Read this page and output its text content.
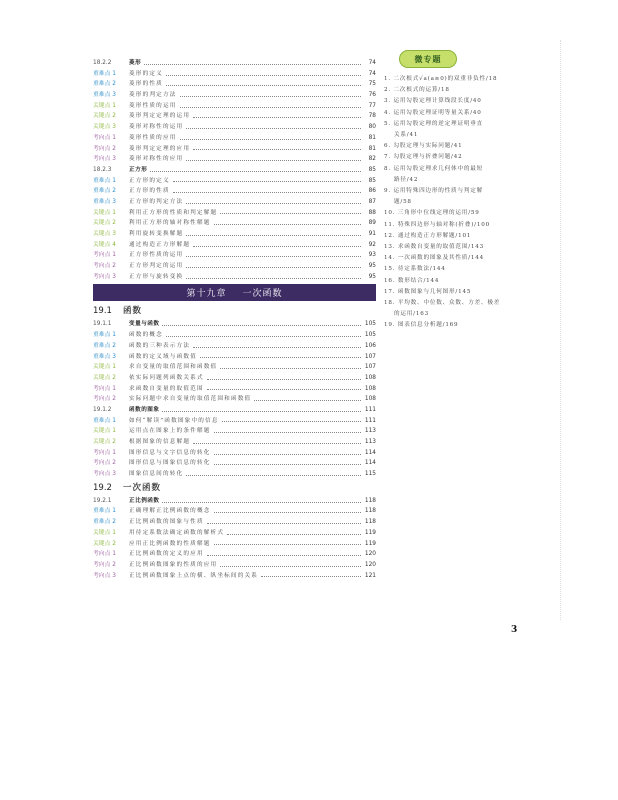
18.2.2	菱形	74
重难点 1	菱形的定义	74
重难点 2	菱形的性质	75
重难点 3	菱形的判定方法	76
关键点 1	菱形性质的运用	77
关键点 2	菱形判定定理的运用	78
关键点 3	菱形对称性的运用	80
考向点 1	菱形性质的应用	81
考向点 2	菱形判定定理的应用	81
考向点 3	菱形对称性的应用	82
18.2.3	正方形	85
重难点 1	正方形的定义	85
重难点 2	正方形的性质	86
重难点 3	正方形的判定方法	87
关键点 1	利用正方形的性质和判定解题	88
关键点 2	利用正方形的轴对称性解题	89
关键点 3	利用旋转变换解题	91
关键点 4	通过构造正方形解题	92
考向点 1	正方形性质的运用	93
考向点 2	正方形判定的运用	95
考向点 3	正方形与旋转变换	95
第十九章 一次函数
19.1	函数
19.1.1	变量与函数	105
重难点 1	函数的概念	105
重难点 2	函数的三种表示方法	106
重难点 3	函数的定义域与函数值	107
关键点 1	求自变量的取值范围和函数值	107
关键点 2	依实际问题列函数关系式	108
考向点 1	求函数自变量的取值范围	108
考向点 2	实际问题中求自变量的取值范围和函数值	108
19.1.2	函数的图象	111
重难点 1	如何“解读”函数图象中的信息	111
关键点 1	运用点在图象上的条件解题	113
关键点 2	根据图象的信息解题	113
考向点 1	图形信息与文字信息的转化	114
考向点 2	图形信息与图象信息的转化	114
考向点 3	图象信息间的转化	115
19.2	一次函数
19.2.1	正比例函数	118
重难点 1	正确理解正比例函数的概念	118
重难点 2	正比例函数的图象与性质	118
关键点 1	用待定系数法确定函数的解析式	119
关键点 2	应用正比例函数的性质解题	119
考向点 1	正比例函数的定义的应用	120
考向点 2	正比例函数图象的性质的应用	120
考向点 3	正比例函数图象上点的横、纵坐标间的关系	121
微专题
1. 二次根式√a(a≥0)的双重非负性/18
2. 二次根式的运算/18
3. 运用勾股定理计算线段长度/40
4. 运用勾股定理证明等量关系/40
5. 运用勾股定理的逆定理证明垂直
关系/41
6. 勾股定理与实际问题/41
7. 勾股定理与折叠问题/42
8. 运用勾股定理求几何体中的最短
路径/42
9. 运用特殊四边形的性质与判定解
题/58
10. 三角形中位线定理的运用/59
11. 特殊四边形与轴对称(折叠)/100
12. 通过构造正方形解题/101
13. 求函数自变量的取值范围/143
14. 一次函数的图象及其性质/144
15. 待定系数法/144
16. 数形结合/144
17. 函数图象与几何图形/145
18. 平均数、中位数、众数、方差、极差
的运用/163
19. 图表信息分析题/169
3
